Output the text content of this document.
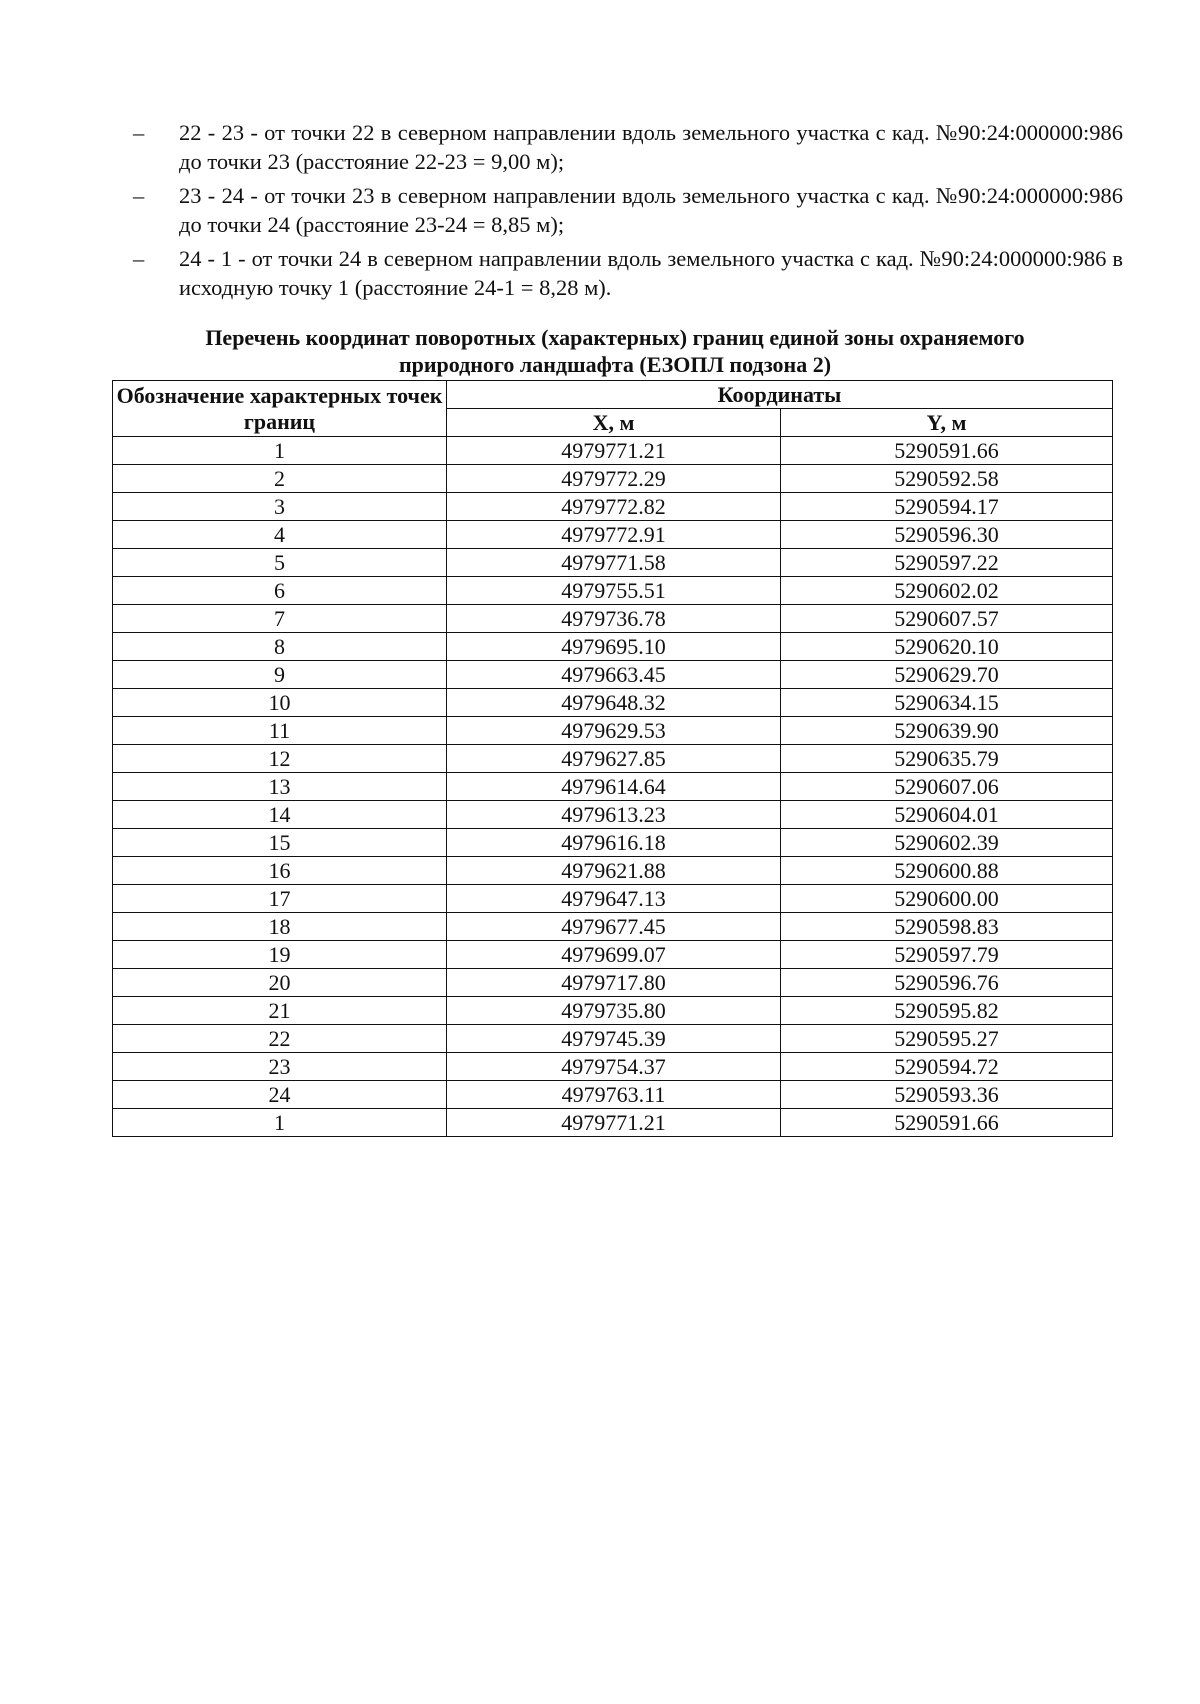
– 22 - 23 - от точки 22 в северном направлении вдоль земельного участка с кад. №90:24:000000:986 до точки 23 (расстояние 22-23 = 9,00 м);
– 23 - 24 - от точки 23 в северном направлении вдоль земельного участка с кад. №90:24:000000:986 до точки 24 (расстояние 23-24 = 8,85 м);
– 24 - 1 - от точки 24 в северном направлении вдоль земельного участка с кад. №90:24:000000:986 в исходную точку 1 (расстояние 24-1 = 8,28 м).
Перечень координат поворотных (характерных) границ единой зоны охраняемого
природного ландшафта (ЕЗОПЛ подзона 2)
Обозначение характерных точек границ	Координаты	
	X, м	Y, м
1	4979771.21	5290591.66
2	4979772.29	5290592.58
3	4979772.82	5290594.17
4	4979772.91	5290596.30
5	4979771.58	5290597.22
6	4979755.51	5290602.02
7	4979736.78	5290607.57
8	4979695.10	5290620.10
9	4979663.45	5290629.70
10	4979648.32	5290634.15
11	4979629.53	5290639.90
12	4979627.85	5290635.79
13	4979614.64	5290607.06
14	4979613.23	5290604.01
15	4979616.18	5290602.39
16	4979621.88	5290600.88
17	4979647.13	5290600.00
18	4979677.45	5290598.83
19	4979699.07	5290597.79
20	4979717.80	5290596.76
21	4979735.80	5290595.82
22	4979745.39	5290595.27
23	4979754.37	5290594.72
24	4979763.11	5290593.36
1	4979771.21	5290591.66
